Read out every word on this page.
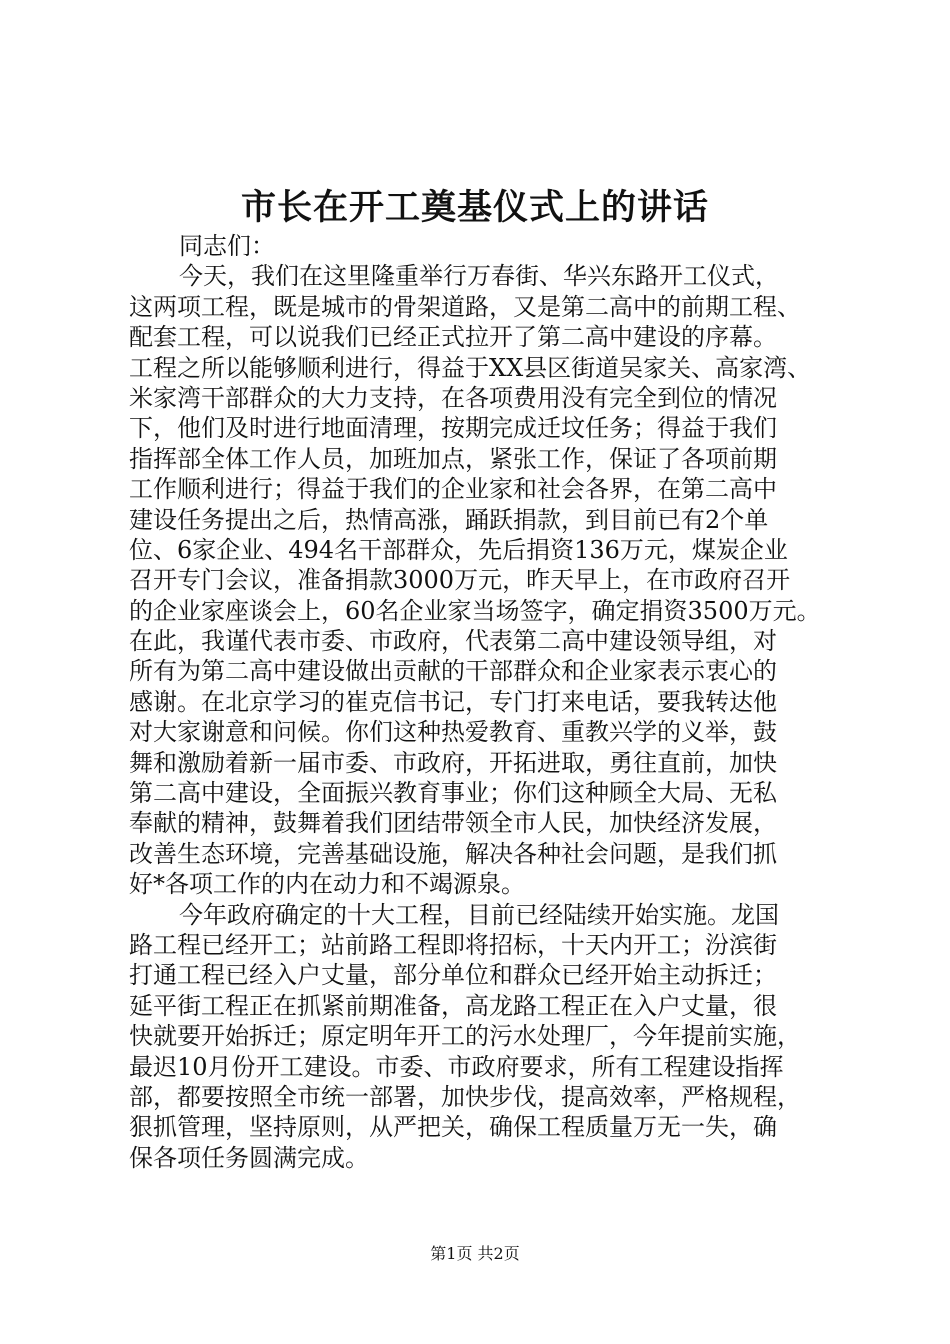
市长在开工奠基仪式上的讲话
同志们：
今天，我们在这里隆重举行万春街、华兴东路开工仪式，
这两项工程，既是城市的骨架道路，又是第二高中的前期工程、
配套工程，可以说我们已经正式拉开了第二高中建设的序幕。
工程之所以能够顺利进行，得益于XX县区街道吴家关、高家湾、
米家湾干部群众的大力支持，在各项费用没有完全到位的情况
下，他们及时进行地面清理，按期完成迁坟任务；得益于我们
指挥部全体工作人员，加班加点，紧张工作，保证了各项前期
工作顺利进行；得益于我们的企业家和社会各界，在第二高中
建设任务提出之后，热情高涨，踊跃捐款，到目前已有2个单
位、6家企业、494名干部群众，先后捐资136万元，煤炭企业
召开专门会议，准备捐款3000万元，昨天早上，在市政府召开
的企业家座谈会上，60名企业家当场签字，确定捐资3500万元。
在此，我谨代表市委、市政府，代表第二高中建设领导组，对
所有为第二高中建设做出贡献的干部群众和企业家表示衷心的
感谢。在北京学习的崔克信书记，专门打来电话，要我转达他
对大家谢意和问候。你们这种热爱教育、重教兴学的义举，鼓
舞和激励着新一届市委、市政府，开拓进取，勇往直前，加快
第二高中建设，全面振兴教育事业；你们这种顾全大局、无私
奉献的精神，鼓舞着我们团结带领全市人民，加快经济发展，
改善生态环境，完善基础设施，解决各种社会问题，是我们抓
好*各项工作的内在动力和不竭源泉。
今年政府确定的十大工程，目前已经陆续开始实施。龙国
路工程已经开工；站前路工程即将招标，十天内开工；汾滨街
打通工程已经入户丈量，部分单位和群众已经开始主动拆迁；
延平街工程正在抓紧前期准备，高龙路工程正在入户丈量，很
快就要开始拆迁；原定明年开工的污水处理厂，今年提前实施，
最迟10月份开工建设。市委、市政府要求，所有工程建设指挥
部，都要按照全市统一部署，加快步伐，提高效率，严格规程，
狠抓管理，坚持原则，从严把关，确保工程质量万无一失，确
保各项任务圆满完成。
第1页 共2页
